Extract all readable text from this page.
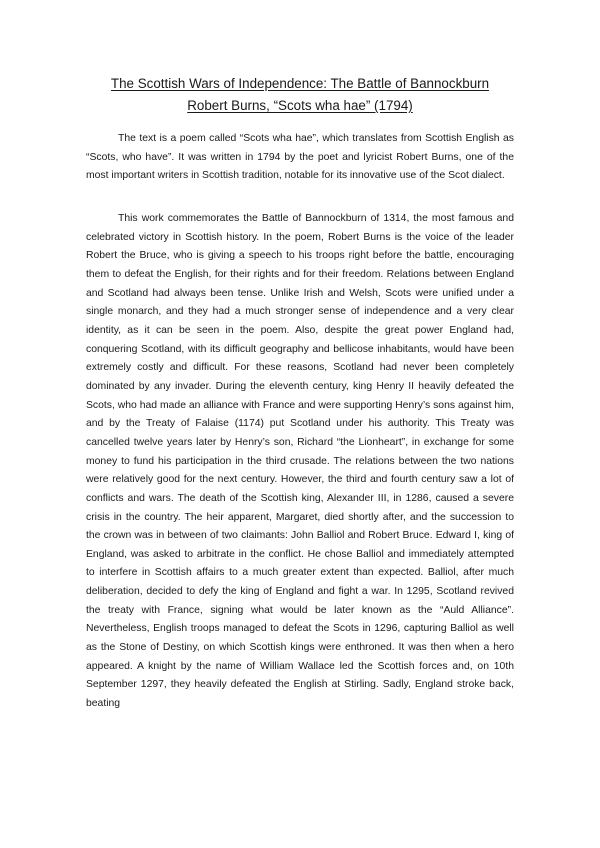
The Scottish Wars of Independence: The Battle of Bannockburn

Robert Burns, “Scots wha hae” (1794)

The text is a poem called “Scots wha hae”, which translates from Scottish English as “Scots, who have”. It was written in 1794 by the poet and lyricist Robert Burns, one of the most important writers in Scottish tradition, notable for its innovative use of the Scot dialect.

This work commemorates the Battle of Bannockburn of 1314, the most famous and celebrated victory in Scottish history. In the poem, Robert Burns is the voice of the leader Robert the Bruce, who is giving a speech to his troops right before the battle, encouraging them to defeat the English, for their rights and for their freedom. Relations between England and Scotland had always been tense. Unlike Irish and Welsh, Scots were unified under a single monarch, and they had a much stronger sense of independence and a very clear identity, as it can be seen in the poem. Also, despite the great power England had, conquering Scotland, with its difficult geography and bellicose inhabitants, would have been extremely costly and difficult. For these reasons, Scotland had never been completely dominated by any invader. During the eleventh century, king Henry II heavily defeated the Scots, who had made an alliance with France and were supporting Henry’s sons against him, and by the Treaty of Falaise (1174) put Scotland under his authority. This Treaty was cancelled twelve years later by Henry’s son, Richard “the Lionheart”, in exchange for some money to fund his participation in the third crusade. The relations between the two nations were relatively good for the next century. However, the third and fourth century saw a lot of conflicts and wars. The death of the Scottish king, Alexander III, in 1286, caused a severe crisis in the country. The heir apparent, Margaret, died shortly after, and the succession to the crown was in between of two claimants: John Balliol and Robert Bruce. Edward I, king of England, was asked to arbitrate in the conflict. He chose Balliol and immediately attempted to interfere in Scottish affairs to a much greater extent than expected. Balliol, after much deliberation, decided to defy the king of England and fight a war. In 1295, Scotland revived the treaty with France, signing what would be later known as the “Auld Alliance”. Nevertheless, English troops managed to defeat the Scots in 1296, capturing Balliol as well as the Stone of Destiny, on which Scottish kings were enthroned. It was then when a hero appeared. A knight by the name of William Wallace led the Scottish forces and, on 10th September 1297, they heavily defeated the English at Stirling. Sadly, England stroke back, beating
